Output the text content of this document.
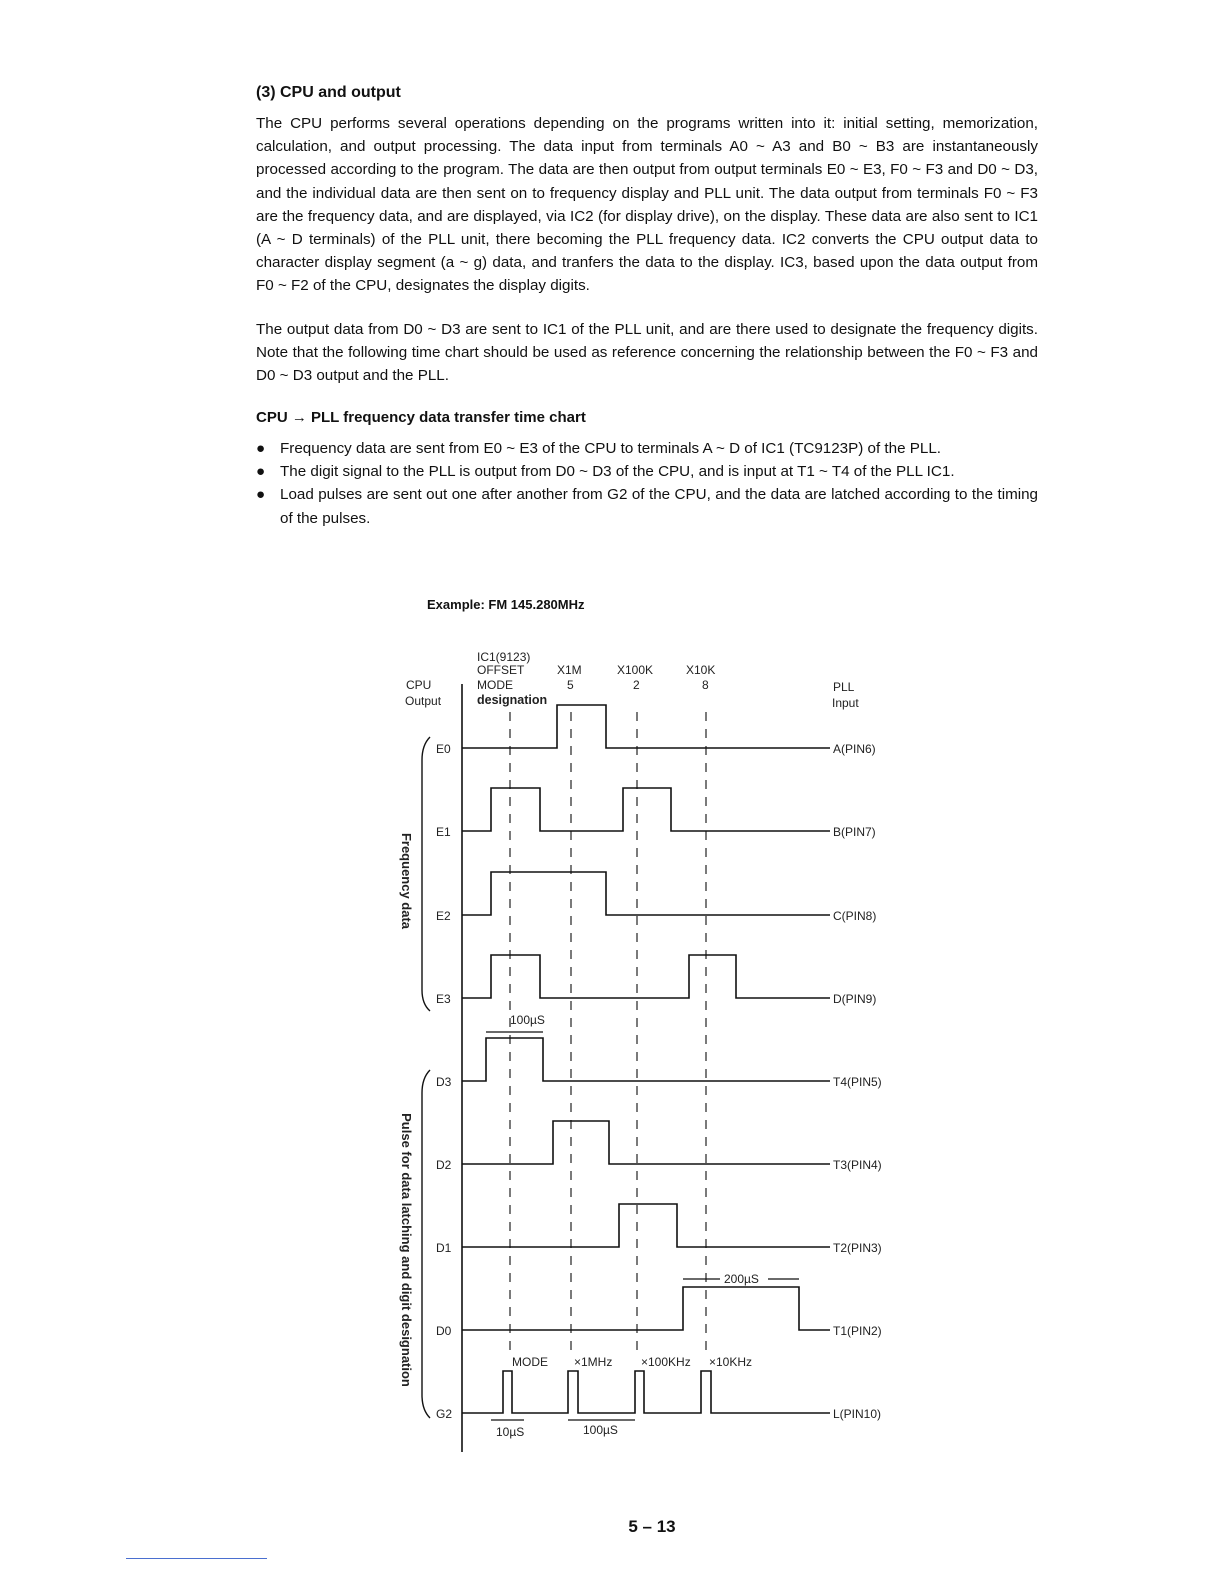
(3) CPU and output

The CPU performs several operations depending on the programs written into it: initial setting, memorization, calculation, and output processing. The data input from terminals A0 ~ A3 and B0 ~ B3 are instantaneously processed according to the program. The data are then output from output terminals E0 ~ E3, F0 ~ F3 and D0 ~ D3, and the individual data are then sent on to frequency display and PLL unit. The data output from terminals F0 ~ F3 are the frequency data, and are displayed, via IC2 (for display drive), on the display. These data are also sent to IC1 (A ~ D terminals) of the PLL unit, there becoming the PLL frequency data. IC2 converts the CPU output data to character display segment (a ~ g) data, and tranfers the data to the display. IC3, based upon the data output from F0 ~ F2 of the CPU, designates the display digits.

The output data from D0 ~ D3 are sent to IC1 of the PLL unit, and are there used to designate the frequency digits. Note that the following time chart should be used as reference concerning the relationship between the F0 ~ F3 and D0 ~ D3 output and the PLL.

CPU → PLL frequency data transfer time chart
● Frequency data are sent from E0 ~ E3 of the CPU to terminals A ~ D of IC1 (TC9123P) of the PLL.
● The digit signal to the PLL is output from D0 ~ D3 of the CPU, and is input at T1 ~ T4 of the PLL IC1.
● Load pulses are sent out one after another from G2 of the CPU, and the data are latched according to the timing of the pulses.
Example: FM 145.280MHz
IC1(9123)
OFFSET
MODE
designation
CPU
Output
PLL
Input
X1M
5
X100K
2
X10K
8
E0	A(PIN6)
E1	B(PIN7)
E2	C(PIN8)
E3	D(PIN9)
D3	T4(PIN5)
D2	T3(PIN4)
D1	T2(PIN3)
D0	T1(PIN2)
G2	L(PIN10)
Frequency data
Pulse for data latching and digit designation	MODE ×1MHz ×100KHz ×10KHz
100µS
200µS
10µS	100µS
5 – 13
